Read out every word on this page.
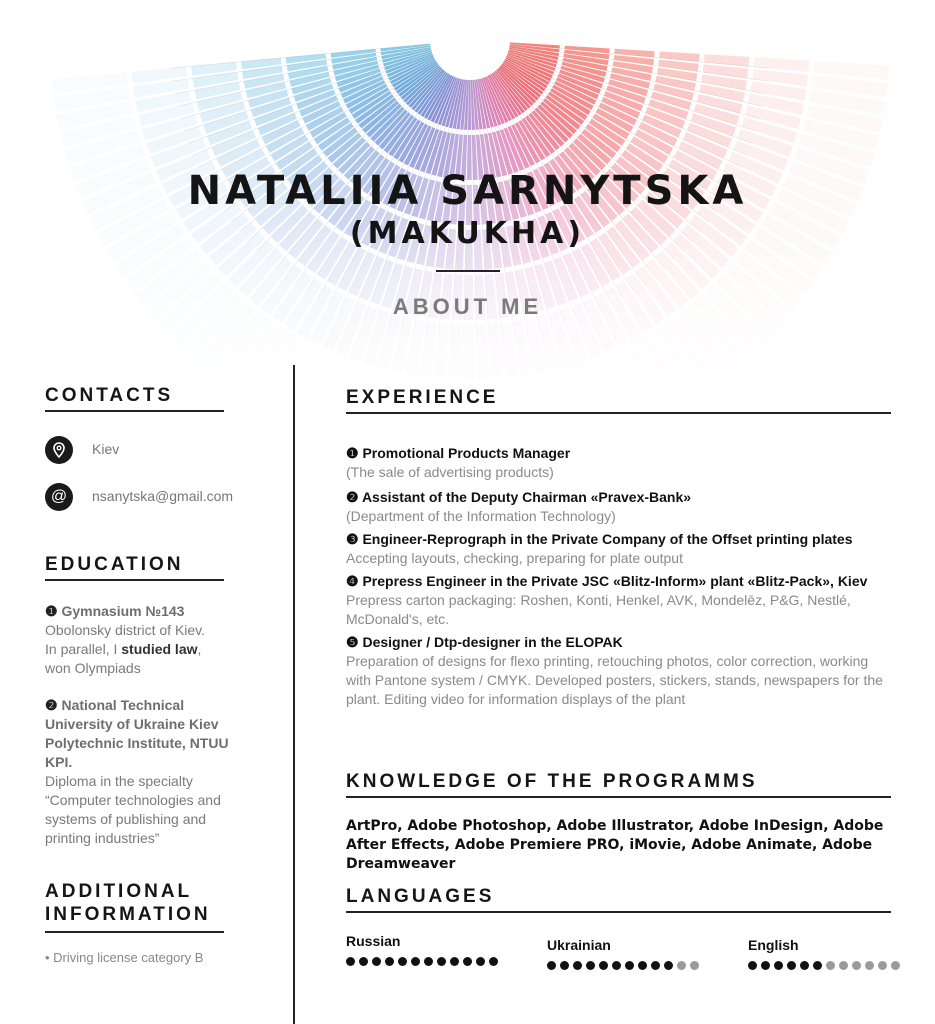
NATALIIA SARNYTSKA
(MAKUKHA)
ABOUT ME
CONTACTS
Kiev
@	nsanytska@gmail.com
EDUCATION
❶ Gymnasium №143
Obolonsky district of Kiev.
In parallel, I studied law,
won Olympiads
❷ National Technical University of Ukraine Kiev Polytechnic Institute, NTUU KPI.
Diploma in the specialty “Computer technologies and systems of publishing and printing industries”
ADDITIONAL
INFORMATION
• Driving license category B
EXPERIENCE
❶ Promotional Products Manager
(The sale of advertising products)
❷ Assistant of the Deputy Chairman «Pravex-Bank»
(Department of the Information Technology)
❸ Engineer-Reprograph in the Private Company of the Offset printing plates
Accepting layouts, checking, preparing for plate output
❹ Prepress Engineer in the Private JSC «Blitz-Inform» plant «Blitz-Pack», Kiev
Prepress carton packaging: Roshen, Konti, Henkel, AVK, Mondelēz, P&G, Nestlé, McDonald's, etc.
❺ Designer / Dtp-designer in the ELOPAK
Preparation of designs for flexo printing, retouching photos, color correction, working with Pantone system / CMYK. Developed posters, stickers, stands, newspapers for the plant. Editing video for information displays of the plant
KNOWLEDGE OF THE PROGRAMMS
ArtPro, Adobe Photoshop, Adobe Illustrator, Adobe InDesign, Adobe After Effects, Adobe Premiere PRO, iMovie, Adobe Animate, Adobe Dreamweaver
LANGUAGES
Russian	Ukrainian	English
